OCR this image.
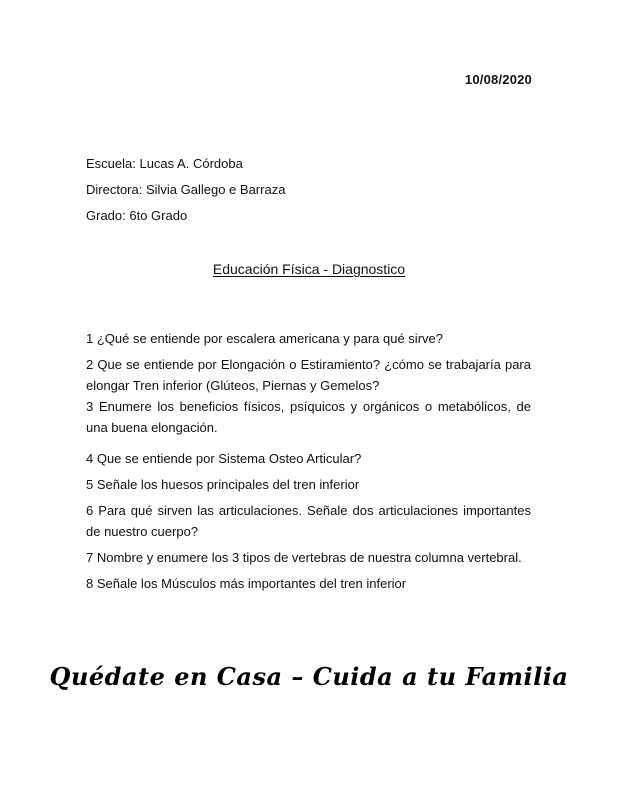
10/08/2020
Escuela: Lucas A. Córdoba
Directora: Silvia Gallego e Barraza
Grado: 6to Grado
Educación Física - Diagnostico
1 ¿Qué se entiende por escalera americana y para qué sirve?
2 Que se entiende por Elongación o Estiramiento? ¿cómo se trabajaría para elongar Tren inferior (Glúteos, Piernas y Gemelos?
3 Enumere los beneficios físicos, psíquicos y orgánicos o metabólicos, de una buena elongación.
4 Que se entiende por Sistema Osteo Articular?
5 Señale los huesos principales del tren inferior
6 Para qué sirven las articulaciones. Señale dos articulaciones importantes de nuestro cuerpo?
7 Nombre y enumere los 3 tipos de vertebras de nuestra columna vertebral.
8 Señale los Músculos más importantes del tren inferior
Quédate en Casa – Cuida a tu Familia
